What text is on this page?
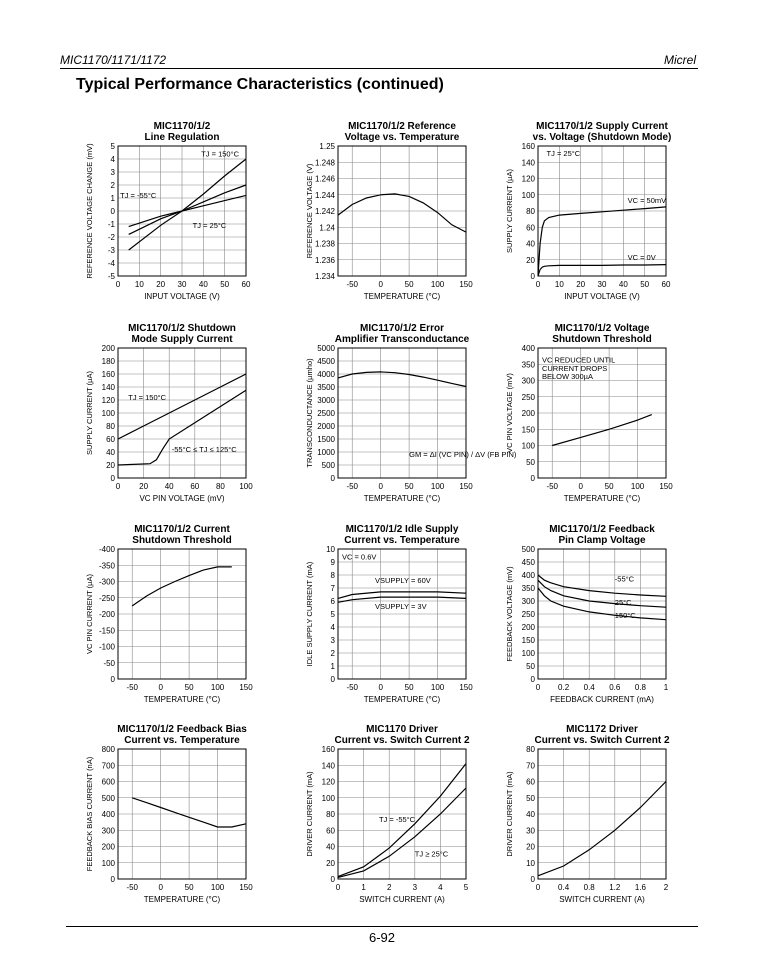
MIC1170/1171/1172	Micrel
Typical Performance Characteristics (continued)
0 10 20 30 40 50 60
-5
-4
-3
-2
-1
0
1
2
3
4
5
MIC1170/1/2
Line Regulation
INPUT VOLTAGE (V)
REFERENCE VOLTAGE CHANGE (mV)	TJ = 150°C
TJ = -55°C
TJ = 25°C
-50	0	50 100 150
1.234
1.236
1.238
1.24
1.242
1.244
1.246
1.248
1.25
MIC1170/1/2 Reference
Voltage vs. Temperature
TEMPERATURE (°C)
REFERENCE VOLTAGE (V)
0 10 20 30 40 50 60
0
20
40
60
80
100
120
140
160
MIC1170/1/2 Supply Current
vs. Voltage (Shutdown Mode)
INPUT VOLTAGE (V)
SUPPLY CURRENT (µA)
TJ = 25°C
VC = 50mV
VC = 0V
0 20 40 60 80 100
0
20
40
60
80
100
120
140
160
180
200
MIC1170/1/2 Shutdown
Mode Supply Current
VC PIN VOLTAGE (mV)
SUPPLY CURRENT (µA)	TJ = 150°C
-55°C ≤ TJ ≤ 125°C
-50	0	50 100 150
0
500
1000
1500
2000
2500
3000
3500
4000
4500
5000
MIC1170/1/2 Error
Amplifier Transconductance
TEMPERATURE (°C)
TRANSCONDUCTANCE (µmho)	GM = ΔI (VC PIN) / ΔV (FB PIN)
-50	0	50 100 150
0
50
100
150
200
250
300
350
400
MIC1170/1/2 Voltage
Shutdown Threshold
TEMPERATURE (°C)
VC PIN VOLTAGE (mV)
VC REDUCED UNTIL
CURRENT DROPS
BELOW 300µA
-50	0	50 100 150
0
-50
-100
-150
-200
-250
-300
-350
-400
MIC1170/1/2 Current
Shutdown Threshold
TEMPERATURE (°C)
VC PIN CURRENT (µA)
-50	0	50 100 150
0
1
2
3
4
5
6
7
8
9
10
MIC1170/1/2 Idle Supply
Current vs. Temperature
TEMPERATURE (°C)
IDLE SUPPLY CURRENT (mA)
VC = 0.6V
VSUPPLY = 60V
VSUPPLY = 3V
0 0.2 0.4 0.6 0.8 1
0
50
100
150
200
250
300
350
400
450
500
MIC1170/1/2 Feedback
Pin Clamp Voltage
FEEDBACK CURRENT (mA)
FEEDBACK VOLTAGE (mV)	-55°C
25°C
150°C
-50	0	50 100 150
0
100
200
300
400
500
600
700
800
MIC1170/1/2 Feedback Bias
Current vs. Temperature
TEMPERATURE (°C)
FEEDBACK BIAS CURRENT (nA)
0	1	2	3	4	5
0
20
40
60
80
100
120
140
160
MIC1170 Driver
Current vs. Switch Current 2
SWITCH CURRENT (A)
DRIVER CURRENT (mA)	TJ = -55°C
TJ ≥ 25°C
0 0.4 0.8 1.2 1.6 2
0
10
20
30
40
50
60
70
80
MIC1172 Driver
Current vs. Switch Current 2
SWITCH CURRENT (A)
DRIVER CURRENT (mA)
6-92
